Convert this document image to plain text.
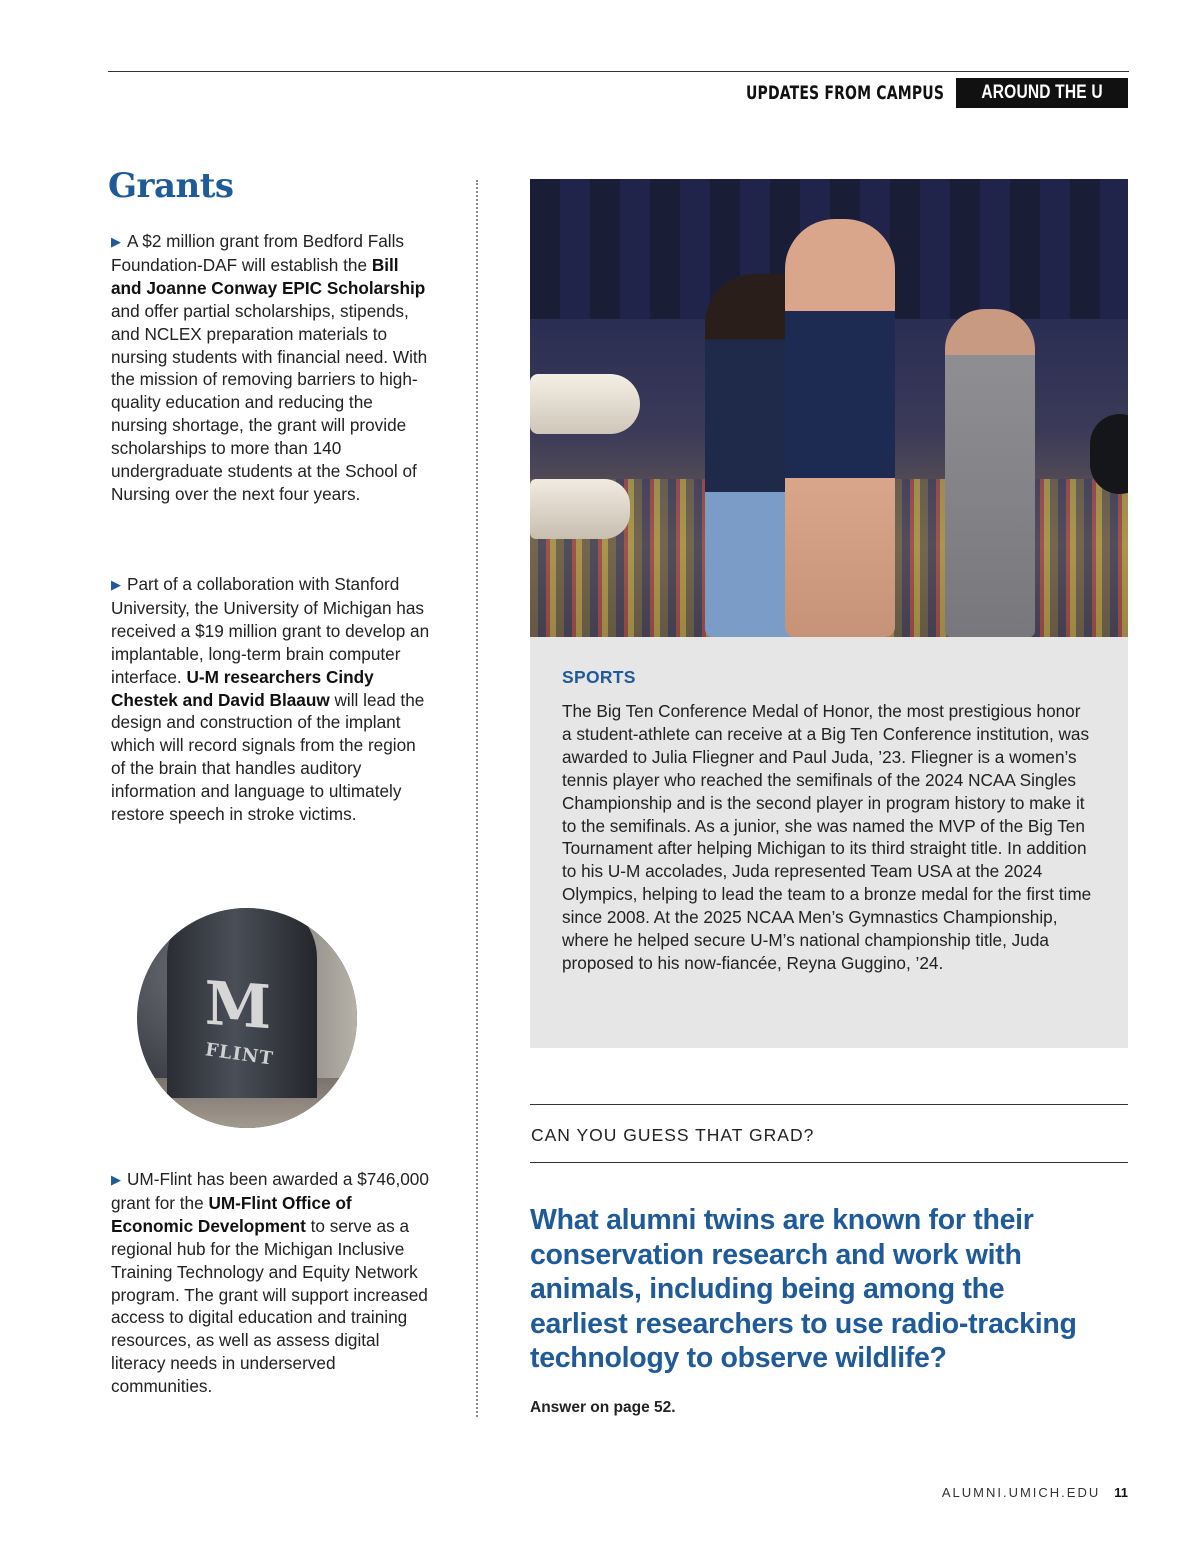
UPDATES FROM CAMPUS	AROUND THE U
Grants

▶ A $2 million grant from Bedford Falls Foundation-DAF will establish the Bill and Joanne Conway EPIC Scholarship and offer partial scholarships, stipends, and NCLEX preparation materials to nursing students with financial need. With the mission of removing barriers to high-quality education and reducing the nursing shortage, the grant will provide scholarships to more than 140 undergraduate students at the School of Nursing over the next four years.

▶ Part of a collaboration with Stanford University, the University of Michigan has received a $19 million grant to develop an implantable, long-term brain computer interface. U-M researchers Cindy Chestek and David Blaauw will lead the design and construction of the implant which will record signals from the region of the brain that handles auditory information and language to ultimately restore speech in stroke victims.

M
FLINT

▶ UM-Flint has been awarded a $746,000 grant for the UM-Flint Office of Economic Development to serve as a regional hub for the Michigan Inclusive Training Technology and Equity Network program. The grant will support increased access to digital education and training resources, as well as assess digital literacy needs in underserved communities.

SPORTS

The Big Ten Conference Medal of Honor, the most prestigious honor a student-athlete can receive at a Big Ten Conference institution, was awarded to Julia Fliegner and Paul Juda, ’23. Fliegner is a women’s tennis player who reached the semifinals of the 2024 NCAA Singles Championship and is the second player in program history to make it to the semifinals. As a junior, she was named the MVP of the Big Ten Tournament after helping Michigan to its third straight title. In addition to his U-M accolades, Juda represented Team USA at the 2024 Olympics, helping to lead the team to a bronze medal for the first time since 2008. At the 2025 NCAA Men’s Gymnastics Championship, where he helped secure U-M’s national championship title, Juda proposed to his now-fiancée, Reyna Guggino, ’24.

CAN YOU GUESS THAT GRAD?

What alumni twins are known for their conservation research and work with animals, including being among the earliest researchers to use radio-tracking technology to observe wildlife?

Answer on page 52.

ALUMNI.UMICH.EDU 11
